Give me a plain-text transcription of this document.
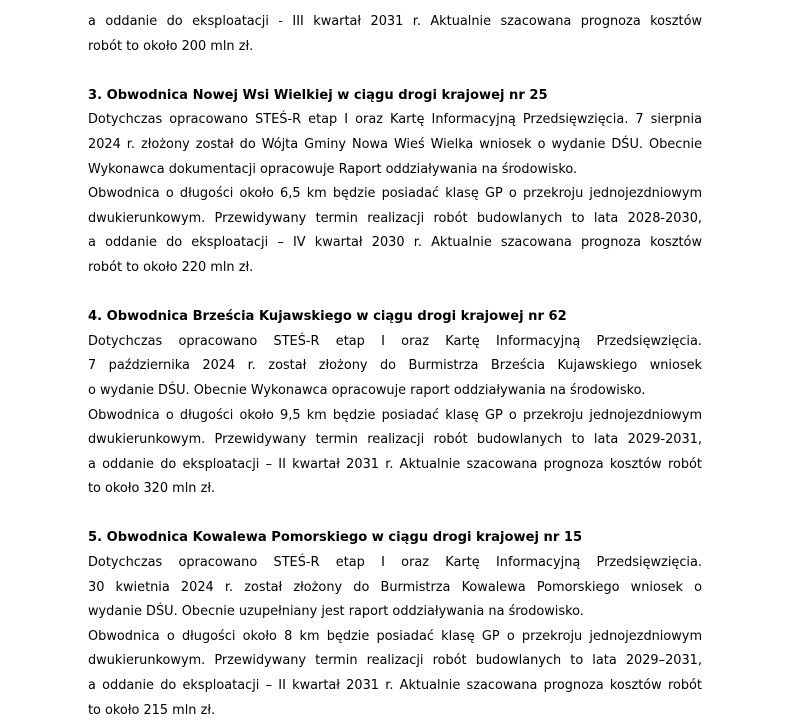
a oddanie do eksploatacji - III kwartał 2031 r. Aktualnie szacowana prognoza kosztów
robót to około 200 mln zł.
3. Obwodnica Nowej Wsi Wielkiej w ciągu drogi krajowej nr 25
Dotychczas opracowano STEŚ-R etap I oraz Kartę Informacyjną Przedsięwzięcia. 7 sierpnia
2024 r. złożony został do Wójta Gminy Nowa Wieś Wielka wniosek o wydanie DŚU. Obecnie
Wykonawca dokumentacji opracowuje Raport oddziaływania na środowisko.
Obwodnica o długości około 6,5 km będzie posiadać klasę GP o przekroju jednojezdniowym
dwukierunkowym. Przewidywany termin realizacji robót budowlanych to lata 2028-2030,
a oddanie do eksploatacji – IV kwartał 2030 r. Aktualnie szacowana prognoza kosztów
robót to około 220 mln zł.
4. Obwodnica Brześcia Kujawskiego w ciągu drogi krajowej nr 62
Dotychczas opracowano STEŚ-R etap I oraz Kartę Informacyjną Przedsięwzięcia.
7 października 2024 r. został złożony do Burmistrza Brześcia Kujawskiego wniosek
o wydanie DŚU. Obecnie Wykonawca opracowuje raport oddziaływania na środowisko.
Obwodnica o długości około 9,5 km będzie posiadać klasę GP o przekroju jednojezdniowym
dwukierunkowym. Przewidywany termin realizacji robót budowlanych to lata 2029-2031,
a oddanie do eksploatacji – II kwartał 2031 r. Aktualnie szacowana prognoza kosztów robót
to około 320 mln zł.
5. Obwodnica Kowalewa Pomorskiego w ciągu drogi krajowej nr 15
Dotychczas opracowano STEŚ-R etap I oraz Kartę Informacyjną Przedsięwzięcia.
30 kwietnia 2024 r. został złożony do Burmistrza Kowalewa Pomorskiego wniosek o
wydanie DŚU. Obecnie uzupełniany jest raport oddziaływania na środowisko.
Obwodnica o długości około 8 km będzie posiadać klasę GP o przekroju jednojezdniowym
dwukierunkowym. Przewidywany termin realizacji robót budowlanych to lata 2029–2031,
a oddanie do eksploatacji – II kwartał 2031 r. Aktualnie szacowana prognoza kosztów robót
to około 215 mln zł.
